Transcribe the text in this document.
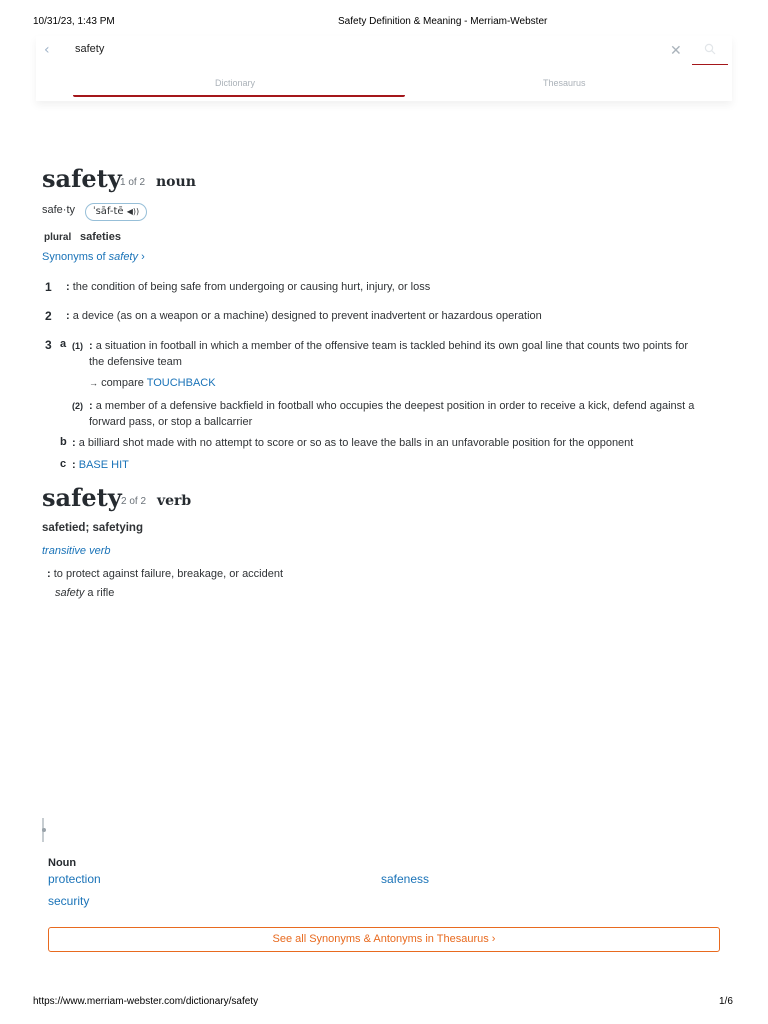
10/31/23, 1:43 PM	Safety Definition & Meaning - Merriam-Webster
‹ safety	✕
Dictionary	Thesaurus
safety
1 of 2 noun
safe·ty	ˈsāf-tē ◀))
plural safeties
Synonyms of safety ›
1 : the condition of being safe from undergoing or causing hurt, injury, or loss
2 : a device (as on a weapon or a machine) designed to prevent inadvertent or hazardous operation
3 a (1) : a situation in football in which a member of the offensive team is tackled behind its own goal line that counts two points for
the defensive team
→ compare TOUCHBACK
(2) : a member of a defensive backfield in football who occupies the deepest position in order to receive a kick, defend against a
forward pass, or stop a ballcarrier
b : a billiard shot made with no attempt to score or so as to leave the balls in an unfavorable position for the opponent
c : BASE HIT
safety 2 of 2 verb
safetied; safetying
transitive verb
: to protect against failure, breakage, or accident
safety a rifle
Noun
protection
security
safeness
See all Synonyms & Antonyms in Thesaurus ›
https://www.merriam-webster.com/dictionary/safety	1/6
